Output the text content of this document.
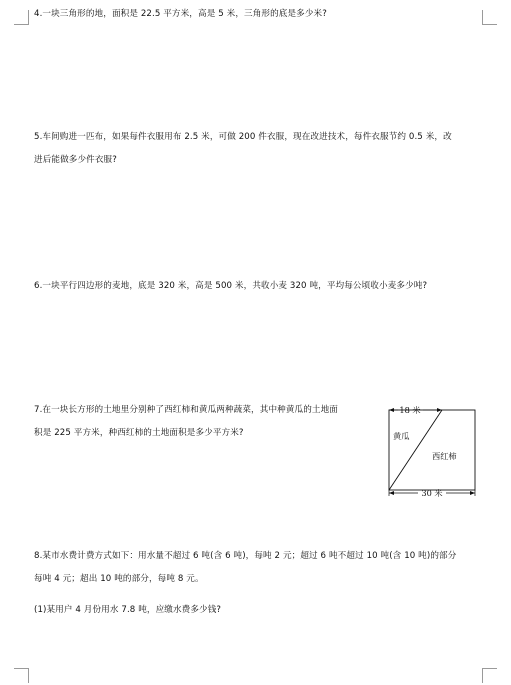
4.一块三角形的地，面积是 22.5 平方米，高是 5 米，三角形的底是多少米?
5.车间购进一匹布，如果每件衣服用布 2.5 米，可做 200 件衣服，现在改进技术，每件衣服节约 0.5 米，改
进后能做多少件衣服?
6.一块平行四边形的麦地，底是 320 米，高是 500 米，共收小麦 320 吨，平均每公顷收小麦多少吨?
7.在一块长方形的土地里分别种了西红柿和黄瓜两种蔬菜，其中种黄瓜的土地面
积是 225 平方米，种西红柿的土地面积是多少平方米?
18 米
黄瓜
西红柿
30 米
8.某市水费计费方式如下：用水量不超过 6 吨(含 6 吨)，每吨 2 元；超过 6 吨不超过 10 吨(含 10 吨)的部分
每吨 4 元；超出 10 吨的部分，每吨 8 元。
(1)某用户 4 月份用水 7.8 吨，应缴水费多少钱?
